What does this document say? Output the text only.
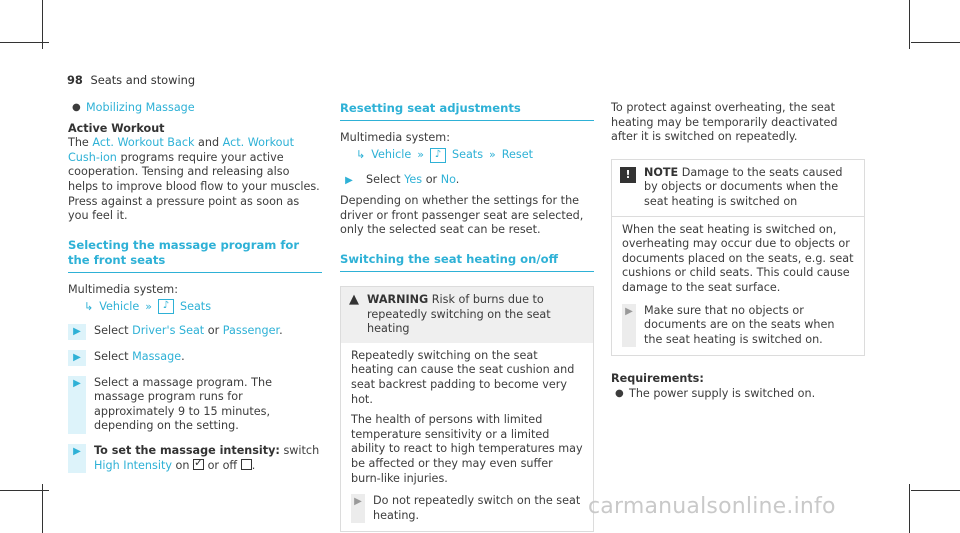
98 Seats and stowing
● Mobilizing Massage
Active Workout
The Act. Workout Back and Act. Workout Cush-ion programs require your active cooperation. Tensing and releasing also helps to improve blood flow to your muscles. Press against a pressure point as soon as you feel it.
Selecting the massage program for the front seats
Multimedia system:
↳ Vehicle »	♪ Seats
▶	Select Driver's Seat or Passenger.
▶	Select Massage.
▶	Select a massage program. The massage program runs for approximately 9 to 15 minutes, depending on the setting.
▶	To set the massage intensity: switch High Intensity on ✓ or off .
Resetting seat adjustments
Multimedia system:
↳ Vehicle »	♪ Seats » Reset
▶	Select Yes or No.
Depending on whether the settings for the driver or front passenger seat are selected, only the selected seat can be reset.
Switching the seat heating on/off
▲ WARNING Risk of burns due to repeatedly switching on the seat heating

Repeatedly switching on the seat heating can cause the seat cushion and seat backrest padding to become very hot.

The health of persons with limited temperature sensitivity or a limited ability to react to high temperatures may be affected or they may even suffer burn-like injuries.

▶ Do not repeatedly switch on the seat heating.
To protect against overheating, the seat heating may be temporarily deactivated after it is switched on repeatedly.
!	NOTE Damage to the seats caused by objects or documents when the seat heating is switched on

When the seat heating is switched on, overheating may occur due to objects or documents placed on the seats, e.g. seat cushions or child seats. This could cause damage to the seat surface.

▶ Make sure that no objects or documents are on the seats when the seat heating is switched on.
Requirements:
● The power supply is switched on.
carmanualsonline.info
